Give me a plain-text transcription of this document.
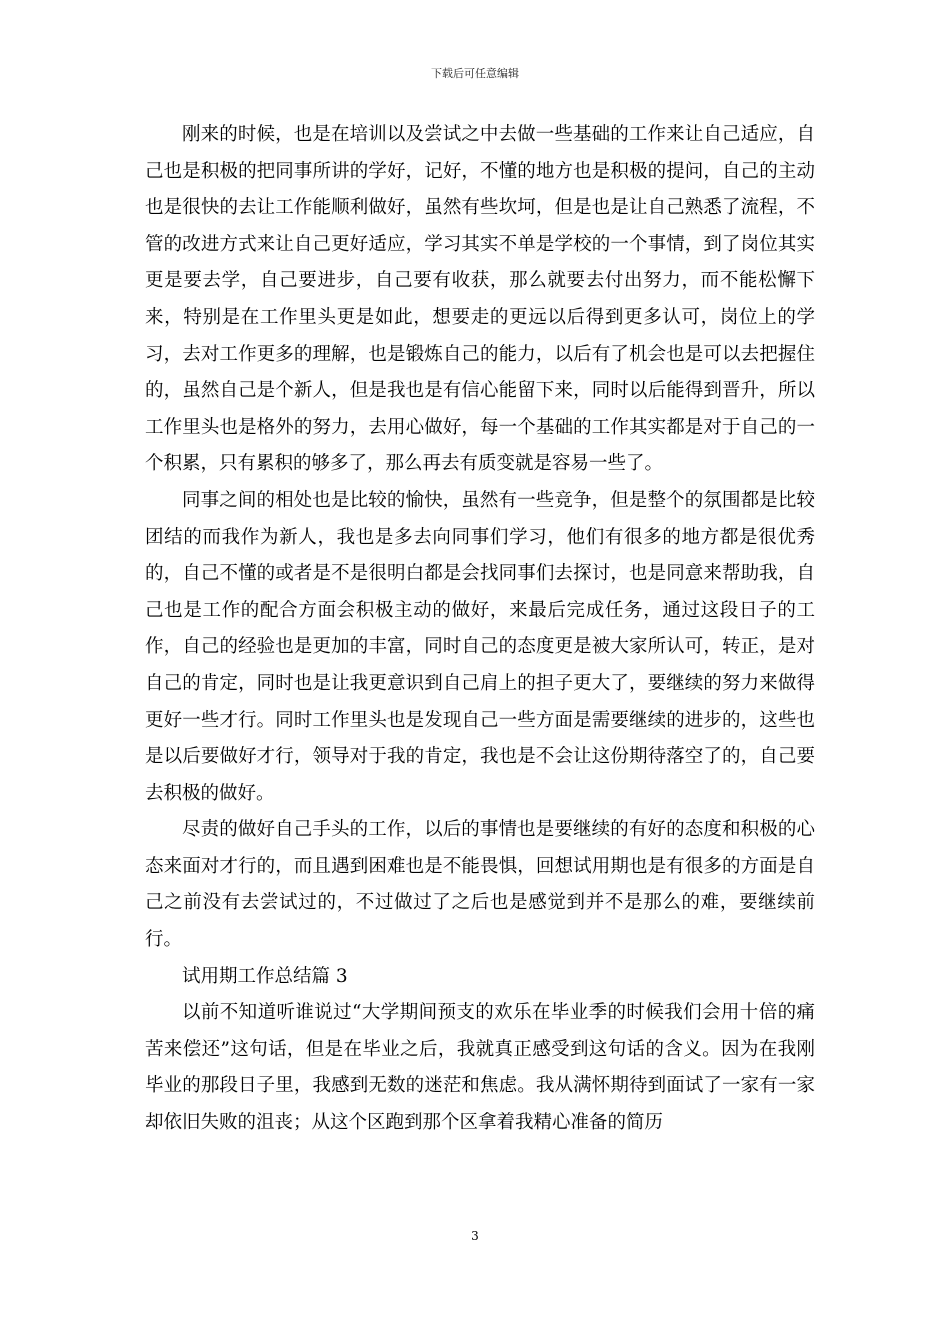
下载后可任意编辑

刚来的时候，也是在培训以及尝试之中去做一些基础的工作来让自己适应，自己也是积极的把同事所讲的学好，记好，不懂的地方也是积极的提问，自己的主动也是很快的去让工作能顺利做好，虽然有些坎坷，但是也是让自己熟悉了流程，不管的改进方式来让自己更好适应，学习其实不单是学校的一个事情，到了岗位其实更是要去学，自己要进步，自己要有收获，那么就要去付出努力，而不能松懈下来，特别是在工作里头更是如此，想要走的更远以后得到更多认可，岗位上的学习，去对工作更多的理解，也是锻炼自己的能力，以后有了机会也是可以去把握住的，虽然自己是个新人，但是我也是有信心能留下来，同时以后能得到晋升，所以工作里头也是格外的努力，去用心做好，每一个基础的工作其实都是对于自己的一个积累，只有累积的够多了，那么再去有质变就是容易一些了。

同事之间的相处也是比较的愉快，虽然有一些竞争，但是整个的氛围都是比较团结的而我作为新人，我也是多去向同事们学习，他们有很多的地方都是很优秀的，自己不懂的或者是不是很明白都是会找同事们去探讨，也是同意来帮助我，自己也是工作的配合方面会积极主动的做好，来最后完成任务，通过这段日子的工作，自己的经验也是更加的丰富，同时自己的态度更是被大家所认可，转正，是对自己的肯定，同时也是让我更意识到自己肩上的担子更大了，要继续的努力来做得更好一些才行。同时工作里头也是发现自己一些方面是需要继续的进步的，这些也是以后要做好才行，领导对于我的肯定，我也是不会让这份期待落空了的，自己要去积极的做好。

尽责的做好自己手头的工作，以后的事情也是要继续的有好的态度和积极的心态来面对才行的，而且遇到困难也是不能畏惧，回想试用期也是有很多的方面是自己之前没有去尝试过的，不过做过了之后也是感觉到并不是那么的难，要继续前行。

试用期工作总结篇 3

以前不知道听谁说过“大学期间预支的欢乐在毕业季的时候我们会用十倍的痛苦来偿还”这句话，但是在毕业之后，我就真正感受到这句话的含义。因为在我刚毕业的那段日子里，我感到无数的迷茫和焦虑。我从满怀期待到面试了一家有一家却依旧失败的沮丧；从这个区跑到那个区拿着我精心准备的简历

3
